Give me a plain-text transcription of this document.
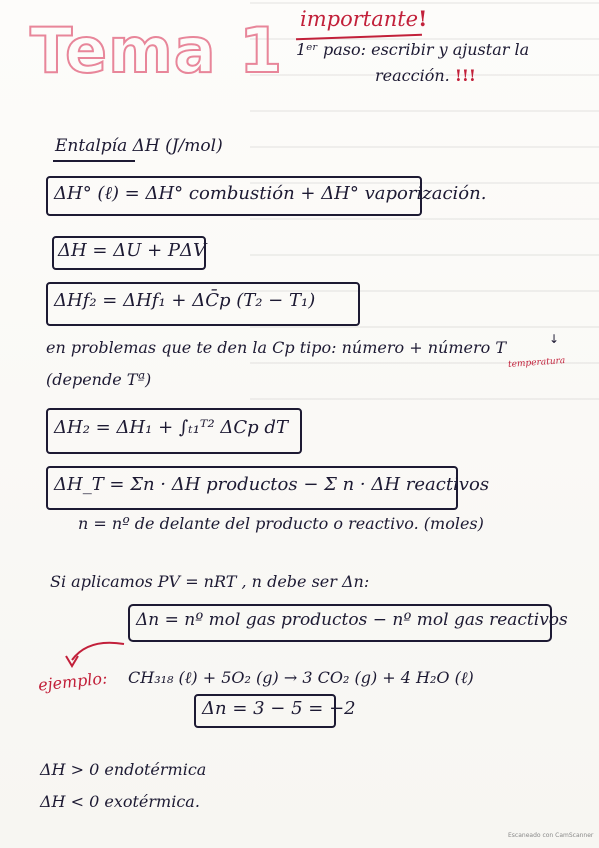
Tema 1 importante!
1ᵉʳ paso: escribir y ajustar la
reacción. !!!
Entalpía ΔH (J/mol)
ΔH° (ℓ) = ΔH° combustión + ΔH° vaporización.
ΔH = ΔU + PΔV
ΔHf₂ = ΔHf₁ + ΔC̄p (T₂ − T₁)
en problemas que te den la Cp tipo: número + número T	↓
temperatura
(depende Tª)
ΔH₂ = ΔH₁ + ∫ₜ₁ᵀ² ΔCp dT
ΔH_T = Σn · ΔH productos − Σ n · ΔH reactivos
n = nº de delante del producto o reactivo. (moles)
Si aplicamos PV = nRT , n debe ser Δn:
Δn = nº mol gas productos − nº mol gas reactivos
ejemplo: CH₃₁₈ (ℓ) + 5O₂ (g) → 3 CO₂ (g) + 4 H₂O (ℓ)
Δn = 3 − 5 = −2
ΔH > 0 endotérmica
ΔH < 0 exotérmica.
Escaneado con CamScanner
